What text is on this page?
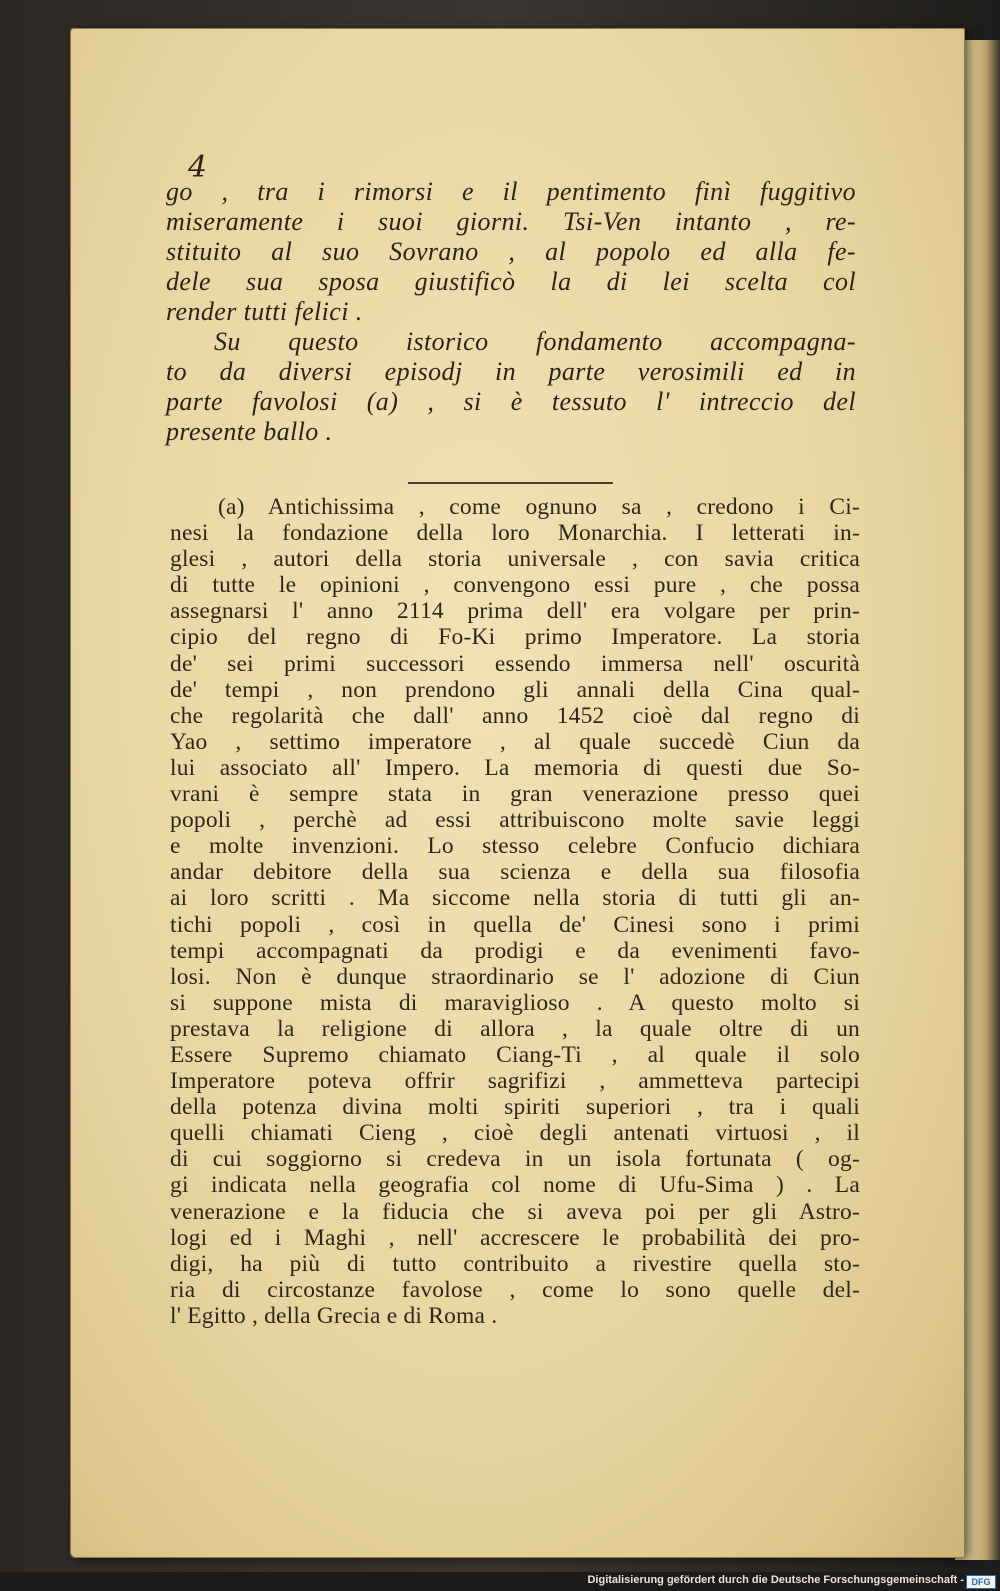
4
go , tra i rimorsi e il pentimento finì fuggitivo
miseramente i suoi giorni. Tsi-Ven intanto , re-
stituito al suo Sovrano , al popolo ed alla fe-
dele sua sposa giustificò la di lei scelta col
render tutti felici .
Su questo istorico fondamento accompagna-
to da diversi episodj in parte verosimili ed in
parte favolosi (a) , si è tessuto l' intreccio del
presente ballo .
(a) Antichissima , come ognuno sa , credono i Ci-
nesi la fondazione della loro Monarchia. I letterati in-
glesi , autori della storia universale , con savia critica
di tutte le opinioni , convengono essi pure , che possa
assegnarsi l' anno 2114 prima dell' era volgare per prin-
cipio del regno di Fo-Ki primo Imperatore. La storia
de' sei primi successori essendo immersa nell' oscurità
de' tempi , non prendono gli annali della Cina qual-
che regolarità che dall' anno 1452 cioè dal regno di
Yao , settimo imperatore , al quale succedè Ciun da
lui associato all' Impero. La memoria di questi due So-
vrani è sempre stata in gran venerazione presso quei
popoli , perchè ad essi attribuiscono molte savie leggi
e molte invenzioni. Lo stesso celebre Confucio dichiara
andar debitore della sua scienza e della sua filosofia
ai loro scritti . Ma siccome nella storia di tutti gli an-
tichi popoli , così in quella de' Cinesi sono i primi
tempi accompagnati da prodigi e da evenimenti favo-
losi. Non è dunque straordinario se l' adozione di Ciun
si suppone mista di maraviglioso . A questo molto si
prestava la religione di allora , la quale oltre di un
Essere Supremo chiamato Ciang-Ti , al quale il solo
Imperatore poteva offrir sagrifizi , ammetteva partecipi
della potenza divina molti spiriti superiori , tra i quali
quelli chiamati Cieng , cioè degli antenati virtuosi , il
di cui soggiorno si credeva in un isola fortunata ( og-
gi indicata nella geografia col nome di Ufu-Sima ) . La
venerazione e la fiducia che si aveva poi per gli Astro-
logi ed i Maghi , nell' accrescere le probabilità dei pro-
digi, ha più di tutto contribuito a rivestire quella sto-
ria di circostanze favolose , come lo sono quelle del-
l' Egitto , della Grecia e di Roma .
Digitalisierung gefördert durch die Deutsche Forschungsgemeinschaft - DFG
